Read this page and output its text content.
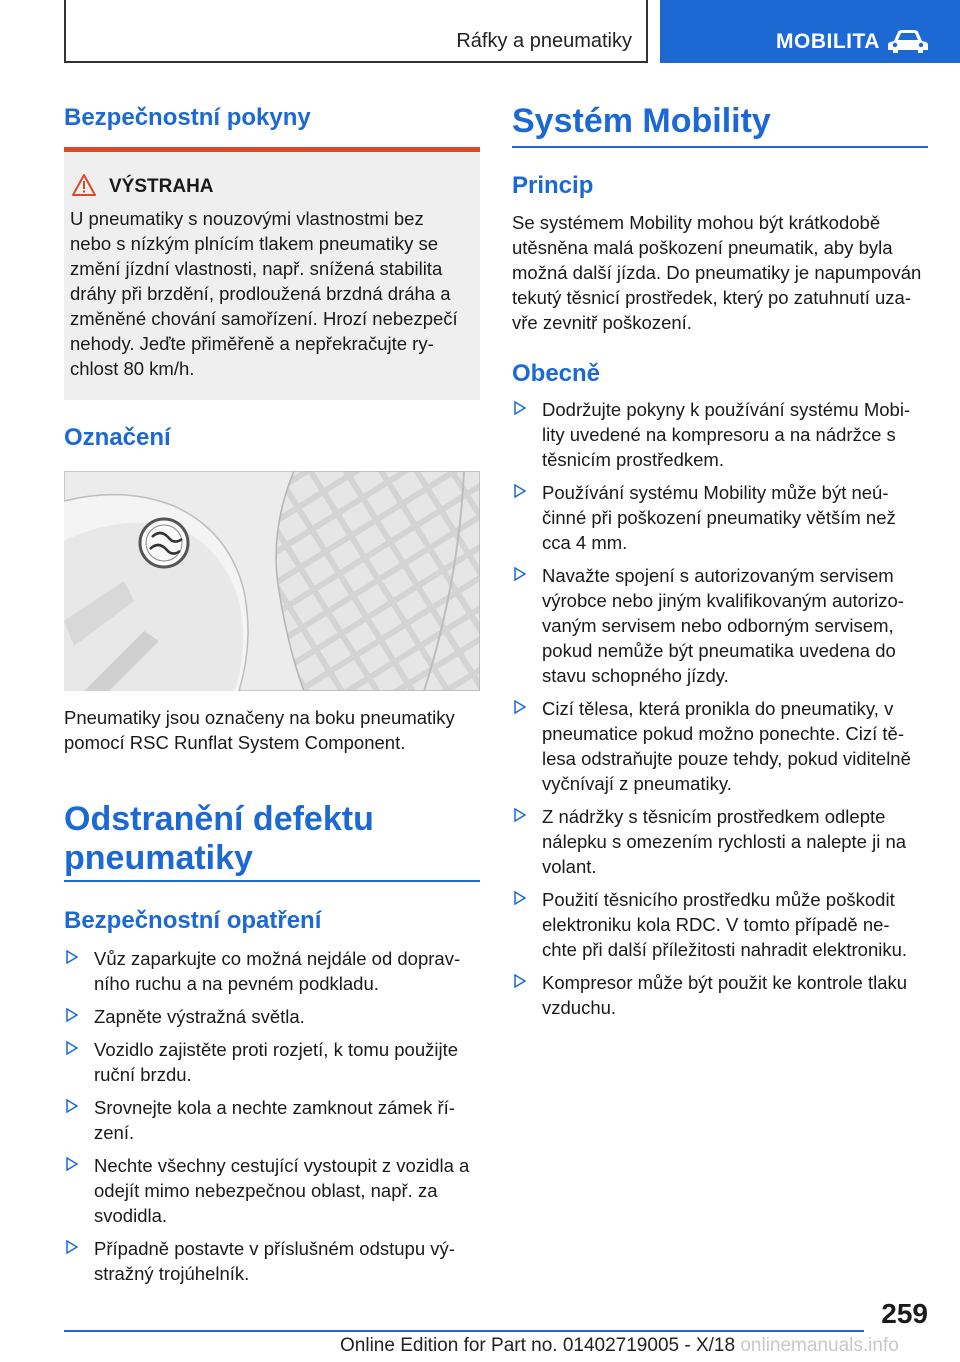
Ráfky a pneumatiky	MOBILITA
Bezpečnostní pokyny
VÝSTRAHA
U pneumatiky s nouzovými vlastnostmi bez
nebo s nízkým plnícím tlakem pneumatiky se
změní jízdní vlastnosti, např. snížená stabilita
dráhy při brzdění, prodloužená brzdná dráha a
změněné chování samořízení. Hrozí nebezpečí
nehody. Jeďte přiměřeně a nepřekračujte ry-
chlost 80 km/h.
Označení
Pneumatiky jsou označeny na boku pneumatiky
pomocí RSC Runflat System Component.
Odstranění defektu
pneumatiky
Bezpečnostní opatření
Vůz zaparkujte co možná nejdále od doprav-
ního ruchu a na pevném podkladu.
Zapněte výstražná světla.
Vozidlo zajistěte proti rozjetí, k tomu použijte
ruční brzdu.
Srovnejte kola a nechte zamknout zámek ří-
zení.
Nechte všechny cestující vystoupit z vozidla a
odejít mimo nebezpečnou oblast, např. za
svodidla.
Případně postavte v příslušném odstupu vý-
stražný trojúhelník.
Systém Mobility
Princip
Se systémem Mobility mohou být krátkodobě
utěsněna malá poškození pneumatik, aby byla
možná další jízda. Do pneumatiky je napumpován
tekutý těsnicí prostředek, který po zatuhnutí uza-
vře zevnitř poškození.
Obecně
Dodržujte pokyny k používání systému Mobi-
lity uvedené na kompresoru a na nádržce s
těsnicím prostředkem.
Používání systému Mobility může být neú-
činné při poškození pneumatiky větším než
cca 4 mm.
Navažte spojení s autorizovaným servisem
výrobce nebo jiným kvalifikovaným autorizo-
vaným servisem nebo odborným servisem,
pokud nemůže být pneumatika uvedena do
stavu schopného jízdy.
Cizí tělesa, která pronikla do pneumatiky, v
pneumatice pokud možno ponechte. Cizí tě-
lesa odstraňujte pouze tehdy, pokud viditelně
vyčnívají z pneumatiky.
Z nádržky s těsnicím prostředkem odlepte
nálepku s omezením rychlosti a nalepte ji na
volant.
Použití těsnicího prostředku může poškodit
elektroniku kola RDC. V tomto případě ne-
chte při další příležitosti nahradit elektroniku.
Kompresor může být použit ke kontrole tlaku
vzduchu.
259
Online Edition for Part no. 01402719005 - X/18 onlinemanuals.info
